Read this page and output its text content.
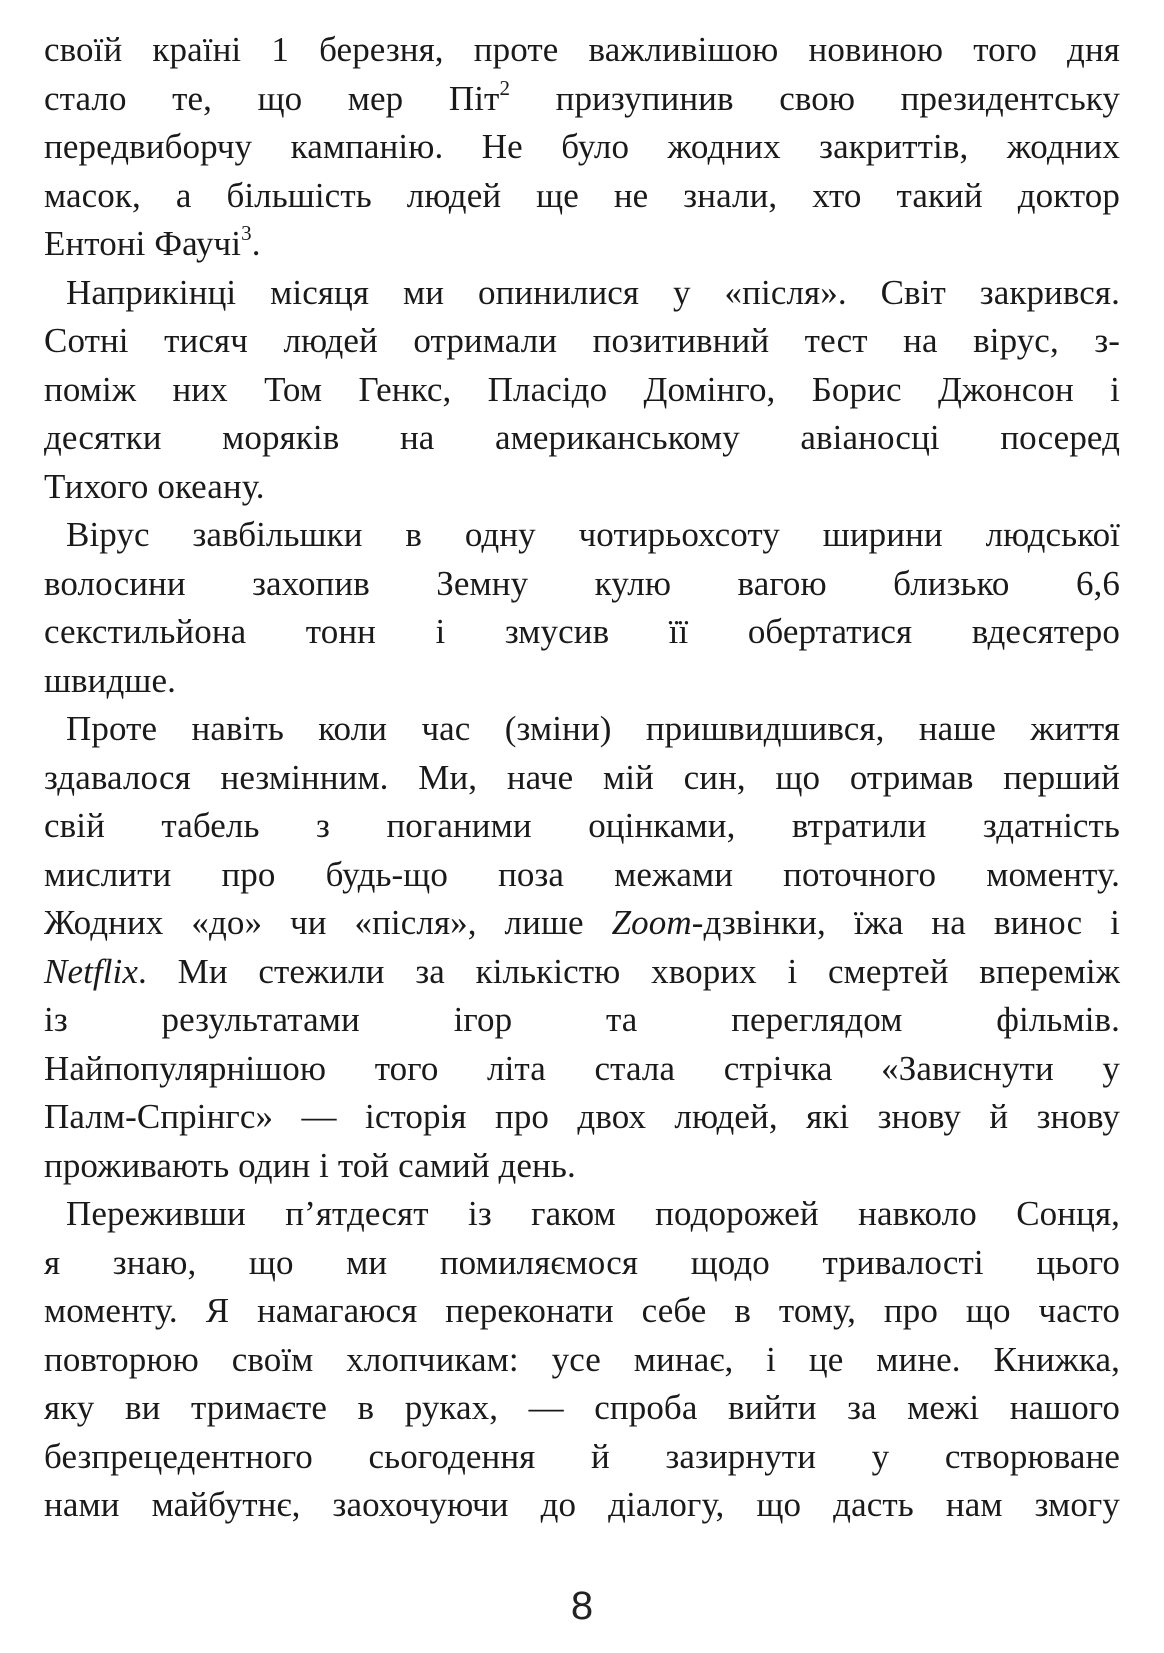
своїй країні 1 березня, проте важливішою новиною того дня
стало те, що мер Піт$^2$ призупинив свою президентську
передвиборчу кампанію. Не було жодних закриттів, жодних
масок, а більшість людей ще не знали, хто такий доктор
Ентоні Фаучі$^3$.

Наприкінці місяця ми опинилися у «після». Світ закрився.
Сотні тисяч людей отримали позитивний тест на вірус, з-
поміж них Том Генкс, Пласідо Домінго, Борис Джонсон і
десятки моряків на американському авіаносці посеред
Тихого океану.

Вірус завбільшки в одну чотирьохсоту ширини людської
волосини захопив Земну кулю вагою близько 6,6
секстильйона тонн і змусив її обертатися вдесятеро
швидше.

Проте навіть коли час (зміни) пришвидшився, наше життя
здавалося незмінним. Ми, наче мій син, що отримав перший
свій табель з поганими оцінками, втратили здатність
мислити про будь-що поза межами поточного моменту.
Жодних «до» чи «після», лише Zoom-дзвінки, їжа на винос і
Netflix. Ми стежили за кількістю хворих і смертей впереміж
із результатами ігор та переглядом фільмів.
Найпопулярнішою того літа стала стрічка «Зависнути у
Палм-Спрінгс» — історія про двох людей, які знову й знову
проживають один і той самий день.

Переживши п’ятдесят із гаком подорожей навколо Сонця,
я знаю, що ми помиляємося щодо тривалості цього
моменту. Я намагаюся переконати себе в тому, про що часто
повторюю своїм хлопчикам: усе минає, і це мине. Книжка,
яку ви тримаєте в руках, — спроба вийти за межі нашого
безпрецедентного сьогодення й зазирнути у створюване
нами майбутнє, заохочуючи до діалогу, що дасть нам змогу

8
